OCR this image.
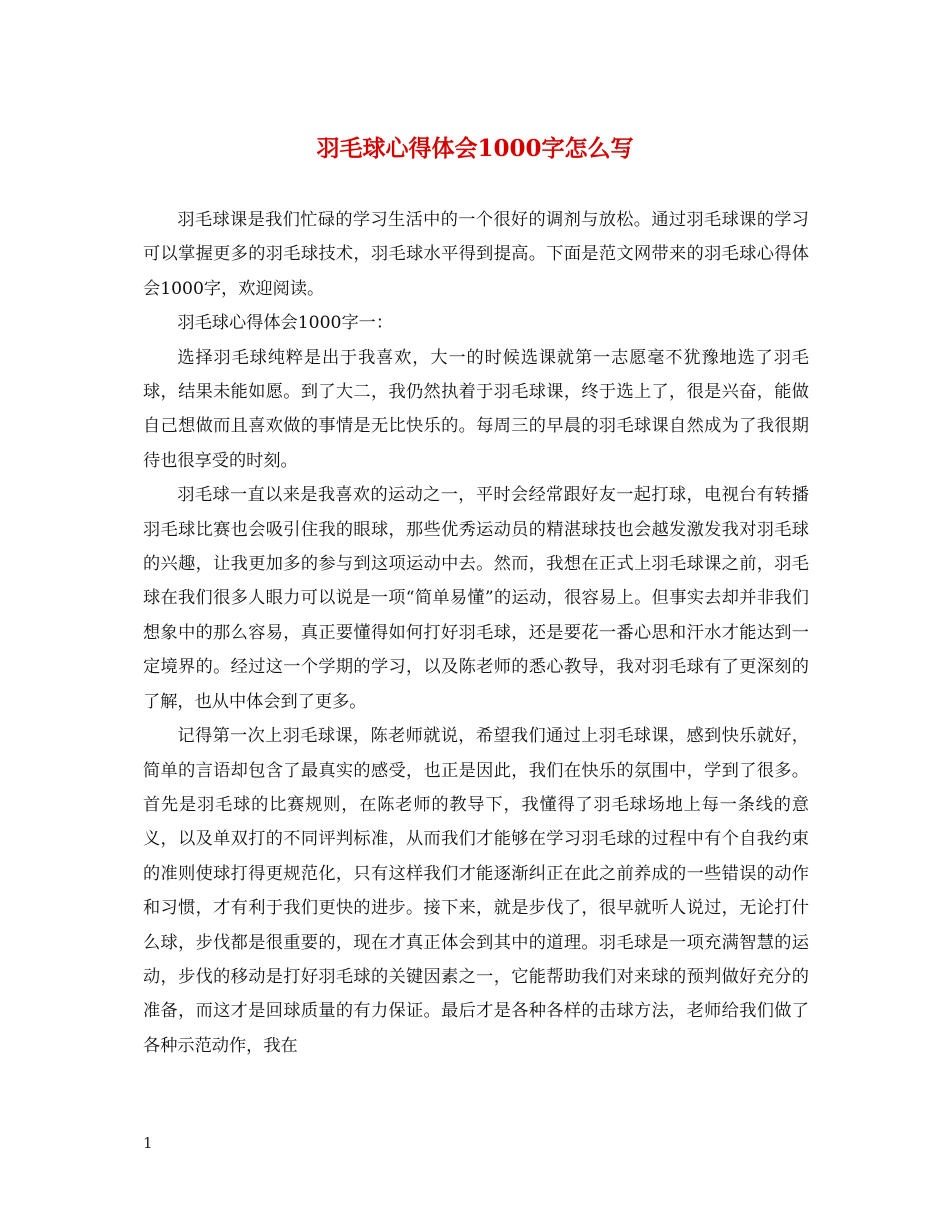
羽毛球心得体会1000字怎么写

羽毛球课是我们忙碌的学习生活中的一个很好的调剂与放松。通过羽毛球课的学习可以掌握更多的羽毛球技术，羽毛球水平得到提高。下面是范文网带来的羽毛球心得体会1000字，欢迎阅读。

羽毛球心得体会1000字一：

选择羽毛球纯粹是出于我喜欢，大一的时候选课就第一志愿毫不犹豫地选了羽毛球，结果未能如愿。到了大二，我仍然执着于羽毛球课，终于选上了，很是兴奋，能做自己想做而且喜欢做的事情是无比快乐的。每周三的早晨的羽毛球课自然成为了我很期待也很享受的时刻。

羽毛球一直以来是我喜欢的运动之一，平时会经常跟好友一起打球，电视台有转播羽毛球比赛也会吸引住我的眼球，那些优秀运动员的精湛球技也会越发激发我对羽毛球的兴趣，让我更加多的参与到这项运动中去。然而，我想在正式上羽毛球课之前，羽毛球在我们很多人眼力可以说是一项“简单易懂”的运动，很容易上。但事实去却并非我们想象中的那么容易，真正要懂得如何打好羽毛球，还是要花一番心思和汗水才能达到一定境界的。经过这一个学期的学习，以及陈老师的悉心教导，我对羽毛球有了更深刻的了解，也从中体会到了更多。

记得第一次上羽毛球课，陈老师就说，希望我们通过上羽毛球课，感到快乐就好，简单的言语却包含了最真实的感受，也正是因此，我们在快乐的氛围中，学到了很多。首先是羽毛球的比赛规则，在陈老师的教导下，我懂得了羽毛球场地上每一条线的意义，以及单双打的不同评判标准，从而我们才能够在学习羽毛球的过程中有个自我约束的准则使球打得更规范化，只有这样我们才能逐渐纠正在此之前养成的一些错误的动作和习惯，才有利于我们更快的进步。接下来，就是步伐了，很早就听人说过，无论打什么球，步伐都是很重要的，现在才真正体会到其中的道理。羽毛球是一项充满智慧的运动，步伐的移动是打好羽毛球的关键因素之一，它能帮助我们对来球的预判做好充分的准备，而这才是回球质量的有力保证。最后才是各种各样的击球方法，老师给我们做了各种示范动作，我在

1
